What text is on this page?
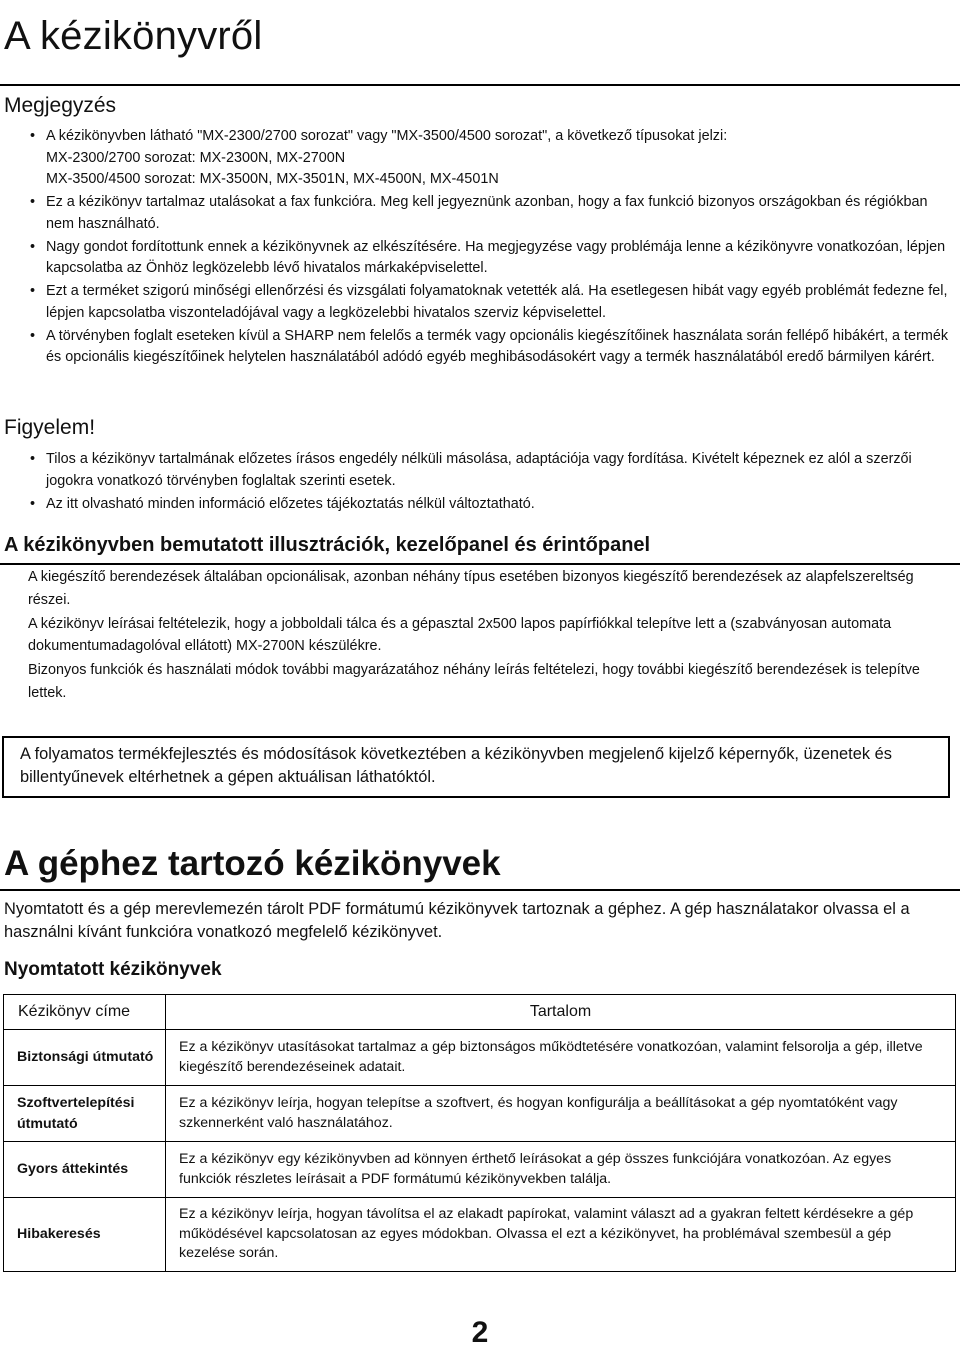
A kézikönyvről
Megjegyzés
• A kézikönyvben látható "MX-2300/2700 sorozat" vagy "MX-3500/4500 sorozat", a következő típusokat jelzi:
MX-2300/2700 sorozat: MX-2300N, MX-2700N
MX-3500/4500 sorozat: MX-3500N, MX-3501N, MX-4500N, MX-4501N
• Ez a kézikönyv tartalmaz utalásokat a fax funkcióra. Meg kell jegyeznünk azonban, hogy a fax funkció bizonyos országokban és régiókban nem használható.
• Nagy gondot fordítottunk ennek a kézikönyvnek az elkészítésére. Ha megjegyzése vagy problémája lenne a kézikönyvre vonatkozóan, lépjen kapcsolatba az Önhöz legközelebb lévő hivatalos márkaképviselettel.
• Ezt a terméket szigorú minőségi ellenőrzési és vizsgálati folyamatoknak vetették alá. Ha esetlegesen hibát vagy egyéb problémát fedezne fel, lépjen kapcsolatba viszonteladójával vagy a legközelebbi hivatalos szerviz képviselettel.
• A törvényben foglalt eseteken kívül a SHARP nem felelős a termék vagy opcionális kiegészítőinek használata során fellépő hibákért, a termék és opcionális kiegészítőinek helytelen használatából adódó egyéb meghibásodásokért vagy a termék használatából eredő bármilyen kárért.
Figyelem!
• Tilos a kézikönyv tartalmának előzetes írásos engedély nélküli másolása, adaptációja vagy fordítása. Kivételt képeznek ez alól a szerzői jogokra vonatkozó törvényben foglaltak szerinti esetek.
• Az itt olvasható minden információ előzetes tájékoztatás nélkül változtatható.
A kézikönyvben bemutatott illusztrációk, kezelőpanel és érintőpanel

A kiegészítő berendezések általában opcionálisak, azonban néhány típus esetében bizonyos kiegészítő berendezések az alapfelszereltség részei.

A kézikönyv leírásai feltételezik, hogy a jobboldali tálca és a gépasztal 2x500 lapos papírfiókkal telepítve lett a (szabványosan automata dokumentumadagolóval ellátott) MX-2700N készülékre.

Bizonyos funkciók és használati módok további magyarázatához néhány leírás feltételezi, hogy további kiegészítő berendezések is telepítve lettek.

A folyamatos termékfejlesztés és módosítások következtében a kézikönyvben megjelenő kijelző képernyők, üzenetek és billentyűnevek eltérhetnek a gépen aktuálisan láthatóktól.

A géphez tartozó kézikönyvek

Nyomtatott és a gép merevlemezén tárolt PDF formátumú kézikönyvek tartoznak a géphez. A gép használatakor olvassa el a használni kívánt funkcióra vonatkozó megfelelő kézikönyvet.

Nyomtatott kézikönyvek
Kézikönyv címe	Tartalom
Biztonsági útmutató	Ez a kézikönyv utasításokat tartalmaz a gép biztonságos működtetésére vonatkozóan, valamint felsorolja a gép, illetve kiegészítő berendezéseinek adatait.
Szoftvertelepítési útmutató	Ez a kézikönyv leírja, hogyan telepítse a szoftvert, és hogyan konfigurálja a beállításokat a gép nyomtatóként vagy szkennerként való használatához.
Gyors áttekintés	Ez a kézikönyv egy kézikönyvben ad könnyen érthető leírásokat a gép összes funkciójára vonatkozóan. Az egyes funkciók részletes leírásait a PDF formátumú kézikönyvekben találja.
Hibakeresés	Ez a kézikönyv leírja, hogyan távolítsa el az elakadt papírokat, valamint választ ad a gyakran feltett kérdésekre a gép működésével kapcsolatosan az egyes módokban. Olvassa el ezt a kézikönyvet, ha problémával szembesül a gép kezelése során.
2
